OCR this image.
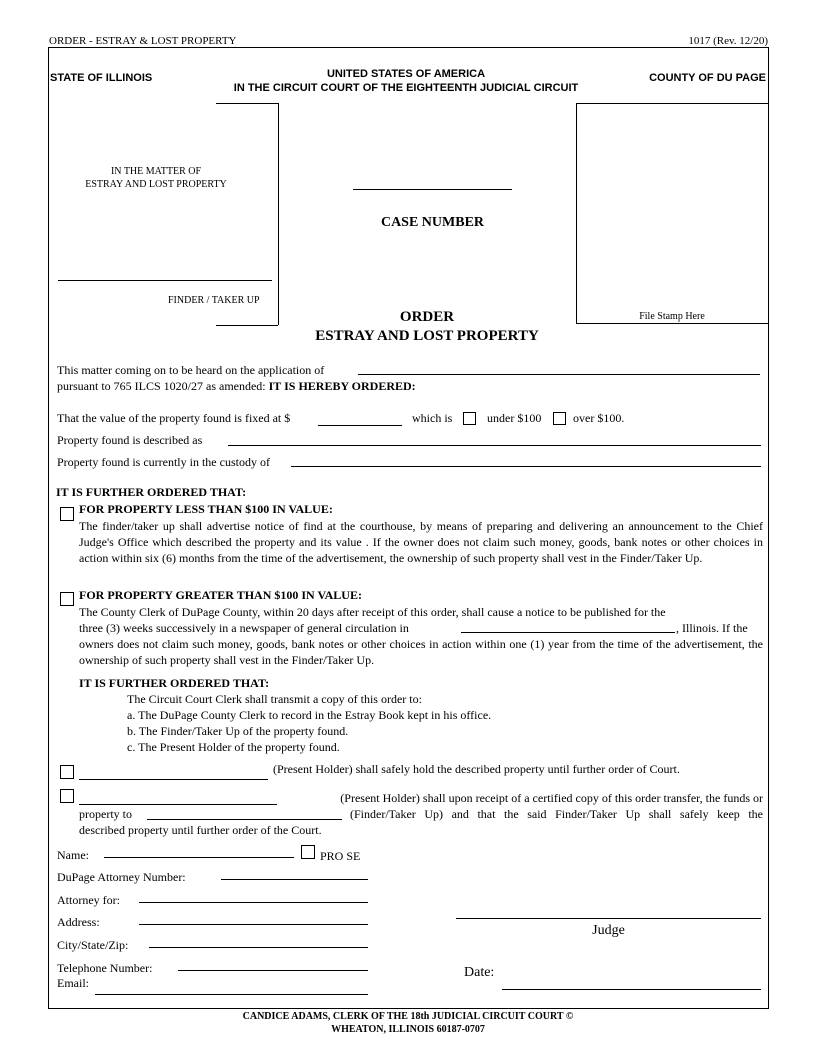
ORDER - ESTRAY & LOST PROPERTY	1017 (Rev. 12/20)
STATE OF ILLINOIS	UNITED STATES OF AMERICA
IN THE CIRCUIT COURT OF THE EIGHTEENTH JUDICIAL CIRCUIT
COUNTY OF DU PAGE
IN THE MATTER OF
ESTRAY AND LOST PROPERTY
FINDER / TAKER UP
CASE NUMBER
File Stamp Here
ORDER
ESTRAY AND LOST PROPERTY
This matter coming on to be heard on the application of
pursuant to 765 ILCS 1020/27 as amended: IT IS HEREBY ORDERED:
That the value of the property found is fixed at $	which is	under $100	over $100.
Property found is described as
Property found is currently in the custody of
IT IS FURTHER ORDERED THAT:
FOR PROPERTY LESS THAN $100 IN VALUE:
The finder/taker up shall advertise notice of find at the courthouse, by means of preparing and delivering an announcement to the Chief Judge's Office which described the property and its value . If the owner does not claim such money, goods, bank notes or other choices in action within six (6) months from the time of the advertisement, the ownership of such property shall vest in the Finder/Taker Up.
FOR PROPERTY GREATER THAN $100 IN VALUE:
The County Clerk of DuPage County, within 20 days after receipt of this order, shall cause a notice to be published for the
three (3) weeks successively in a newspaper of general circulation in	, Illinois. If the
owners does not claim such money, goods, bank notes or other choices in action within one (1) year from the time of the advertisement, the ownership of such property shall vest in the Finder/Taker Up.
IT IS FURTHER ORDERED THAT:
The Circuit Court Clerk shall transmit a copy of this order to:
a. The DuPage County Clerk to record in the Estray Book kept in his office.
b. The Finder/Taker Up of the property found.
c. The Present Holder of the property found.
(Present Holder) shall safely hold the described property until further order of Court.
(Present Holder) shall upon receipt of a certified copy of this order transfer, the funds or
property to	(Finder/Taker Up) and that the said Finder/Taker Up shall safely keep the
described property until further order of the Court.
Name:	PRO SE
DuPage Attorney Number:
Attorney for:
Address:
City/State/Zip:
Telephone Number:
Email:
Judge
Date:
CANDICE ADAMS, CLERK OF THE 18th JUDICIAL CIRCUIT COURT ©
WHEATON, ILLINOIS 60187-0707
